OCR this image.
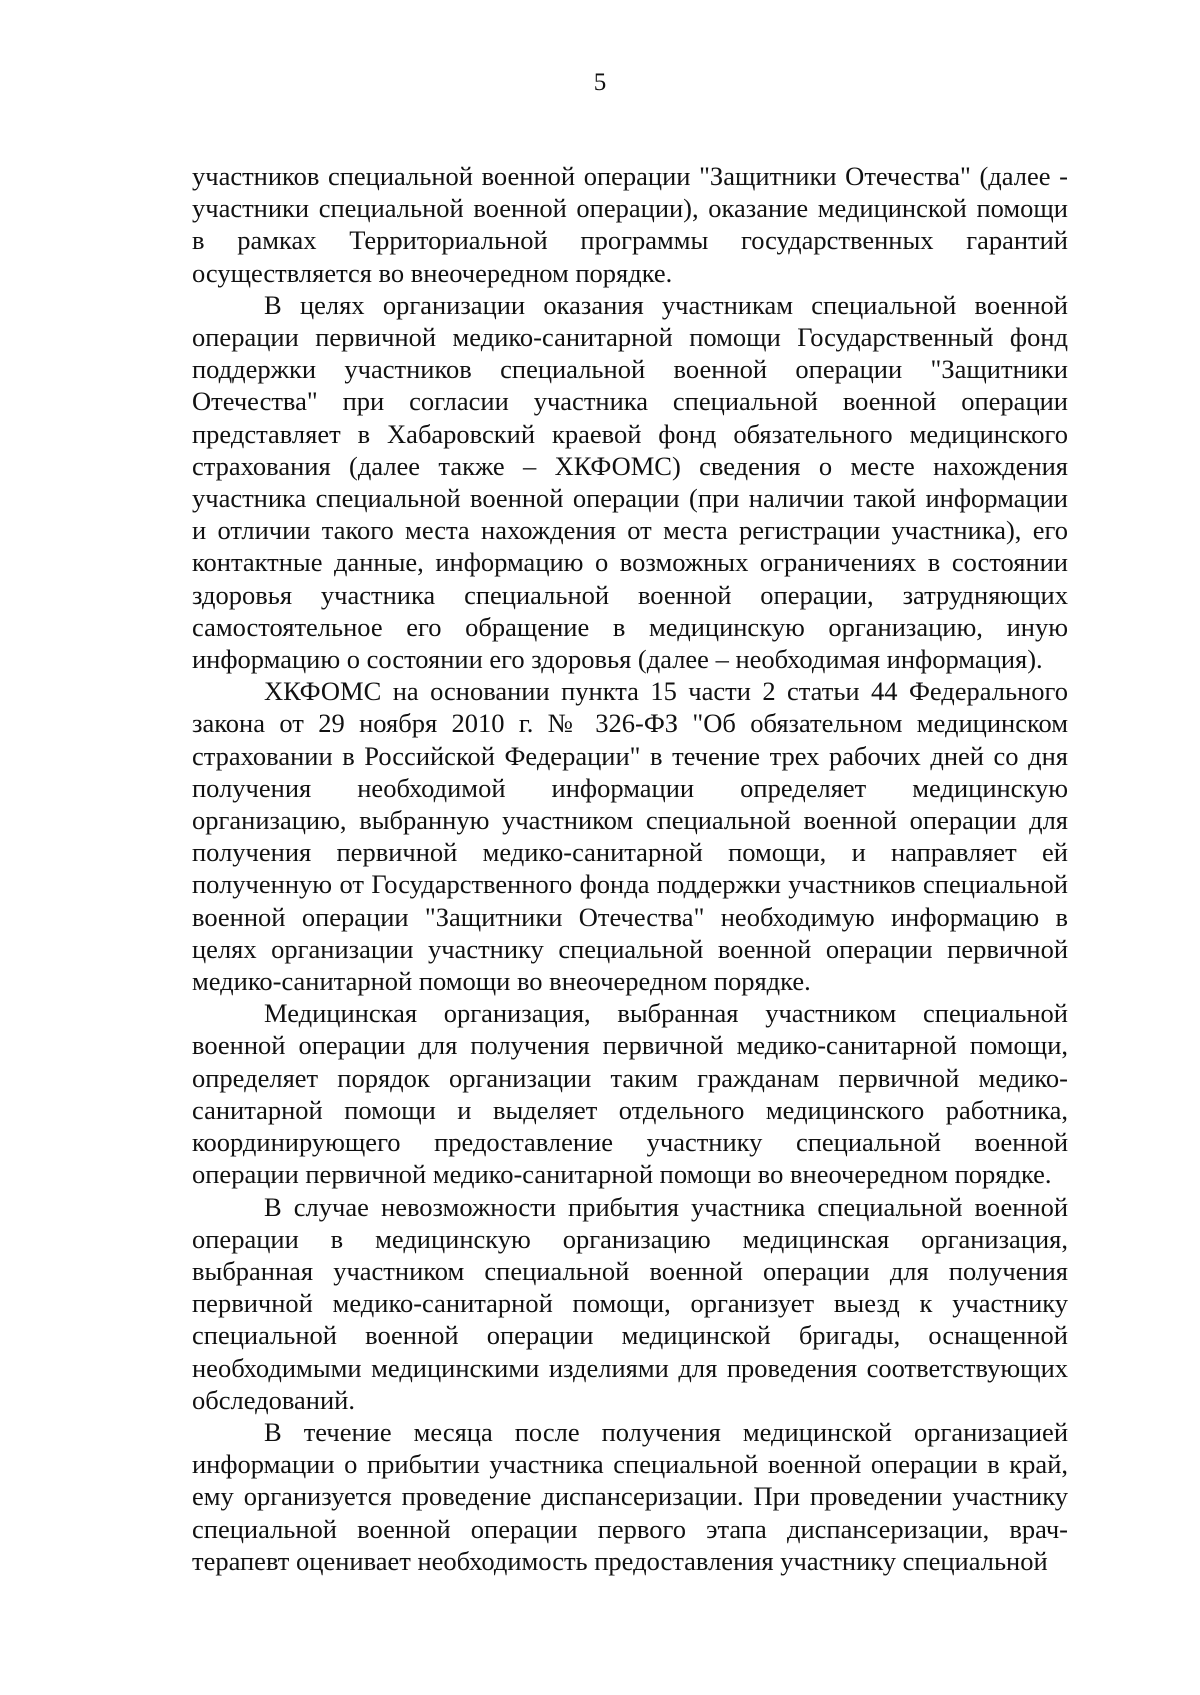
5

участников специальной военной операции "Защитники Отечества" (далее - участники специальной военной операции), оказание медицинской помощи в рамках Территориальной программы государственных гарантий осуществляется во внеочередном порядке.

В целях организации оказания участникам специальной военной операции первичной медико-санитарной помощи Государственный фонд поддержки участников специальной военной операции "Защитники Отечества" при согласии участника специальной военной операции представляет в Хабаровский краевой фонд обязательного медицинского страхования (далее также – ХКФОМС) сведения о месте нахождения участника специальной военной операции (при наличии такой информации и отличии такого места нахождения от места регистрации участника), его контактные данные, информацию о возможных ограничениях в состоянии здоровья участника специальной военной операции, затрудняющих самостоятельное его обращение в медицинскую организацию, иную информацию о состоянии его здоровья (далее – необходимая информация).

ХКФОМС на основании пункта 15 части 2 статьи 44 Федерального закона от 29 ноября 2010 г. № 326-ФЗ "Об обязательном медицинском страховании в Российской Федерации" в течение трех рабочих дней со дня получения необходимой информации определяет медицинскую организацию, выбранную участником специальной военной операции для получения первичной медико-санитарной помощи, и направляет ей полученную от Государственного фонда поддержки участников специальной военной операции "Защитники Отечества" необходимую информацию в целях организации участнику специальной военной операции первичной медико-санитарной помощи во внеочередном порядке.

Медицинская организация, выбранная участником специальной военной операции для получения первичной медико-санитарной помощи, определяет порядок организации таким гражданам первичной медико-санитарной помощи и выделяет отдельного медицинского работника, координирующего предоставление участнику специальной военной операции первичной медико-санитарной помощи во внеочередном порядке.

В случае невозможности прибытия участника специальной военной операции в медицинскую организацию медицинская организация, выбранная участником специальной военной операции для получения первичной медико-санитарной помощи, организует выезд к участнику специальной военной операции медицинской бригады, оснащенной необходимыми медицинскими изделиями для проведения соответствующих обследований.

В течение месяца после получения медицинской организацией информации о прибытии участника специальной военной операции в край, ему организуется проведение диспансеризации. При проведении участнику специальной военной операции первого этапа диспансеризации, врач-терапевт оценивает необходимость предоставления участнику специальной
